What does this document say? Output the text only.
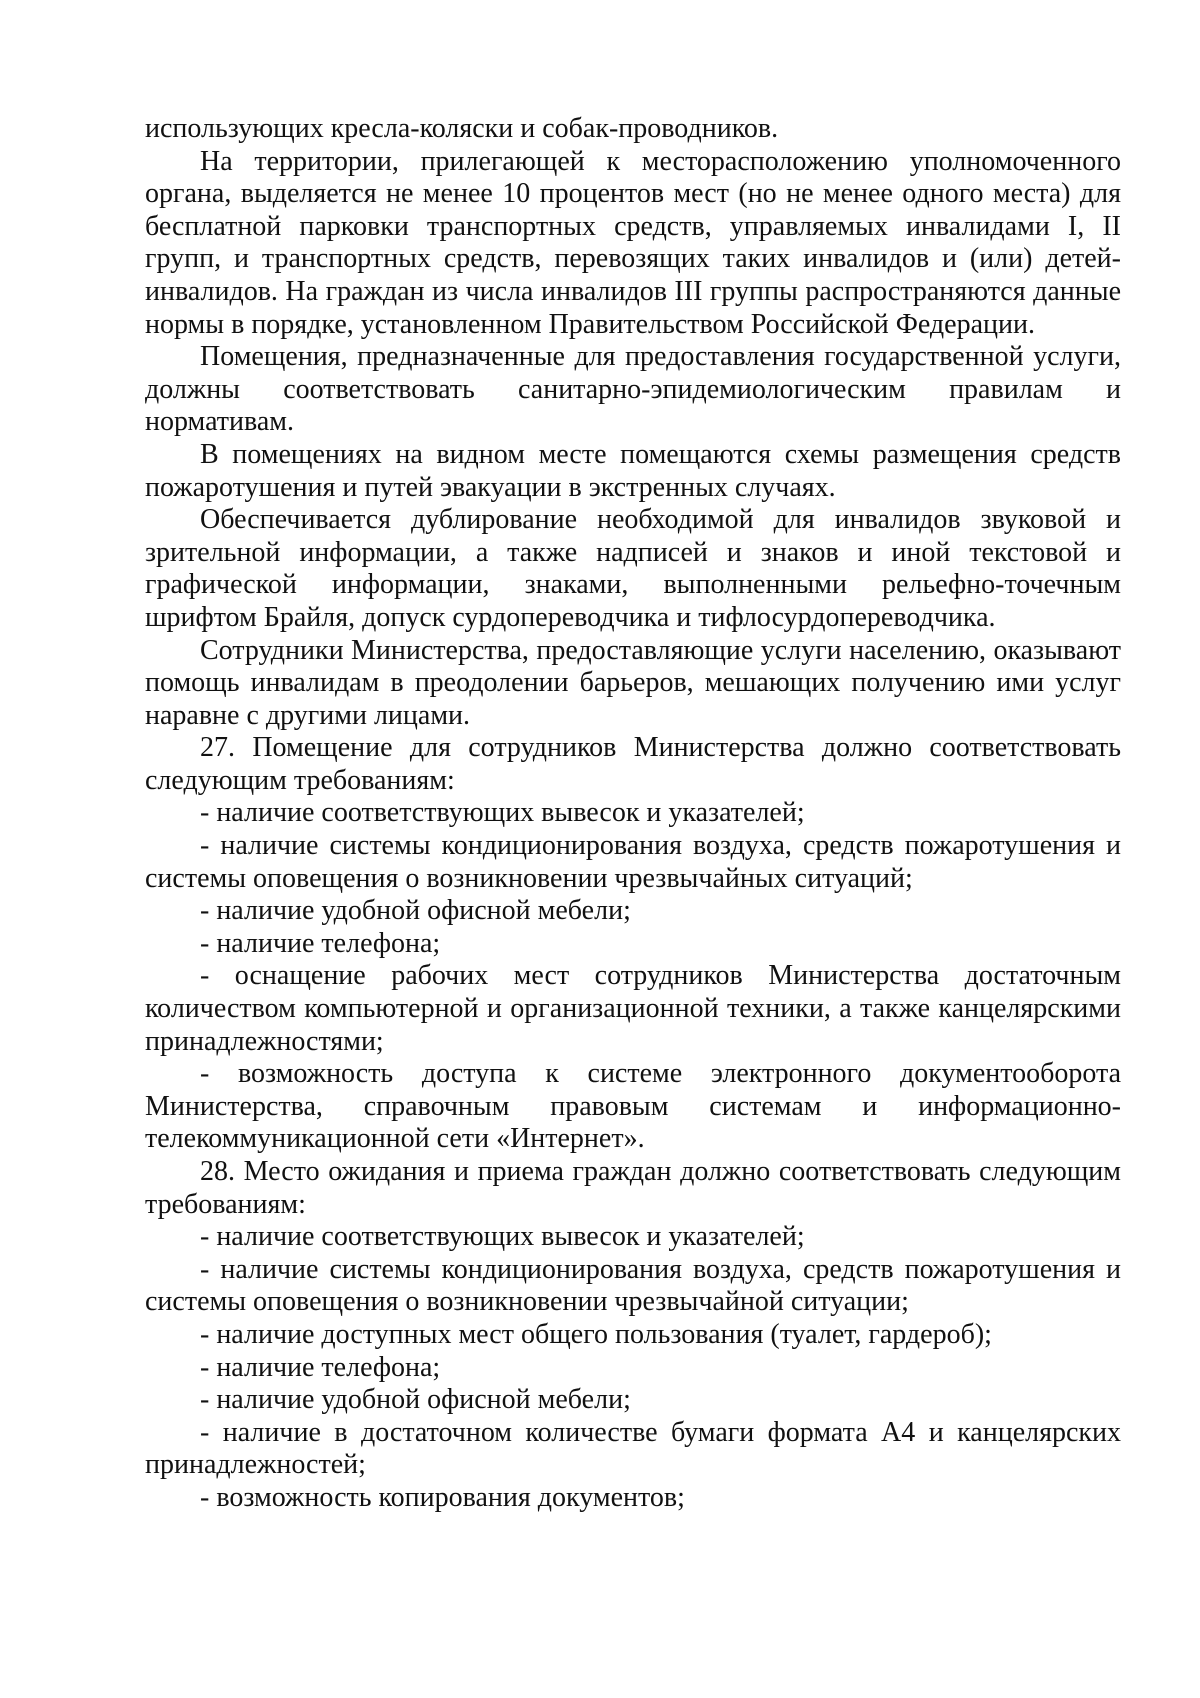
использующих кресла-коляски и собак-проводников.

На территории, прилегающей к месторасположению уполномоченного органа, выделяется не менее 10 процентов мест (но не менее одного места) для бесплатной парковки транспортных средств, управляемых инвалидами I, II групп, и транспортных средств, перевозящих таких инвалидов и (или) детей-инвалидов. На граждан из числа инвалидов III группы распространяются данные нормы в порядке, установленном Правительством Российской Федерации.

Помещения, предназначенные для предоставления государственной услуги, должны соответствовать санитарно-эпидемиологическим правилам и нормативам.

В помещениях на видном месте помещаются схемы размещения средств пожаротушения и путей эвакуации в экстренных случаях.

Обеспечивается дублирование необходимой для инвалидов звуковой и зрительной информации, а также надписей и знаков и иной текстовой и графической информации, знаками, выполненными рельефно-точечным шрифтом Брайля, допуск сурдопереводчика и тифлосурдопереводчика.

Сотрудники Министерства, предоставляющие услуги населению, оказывают помощь инвалидам в преодолении барьеров, мешающих получению ими услуг наравне с другими лицами.

27. Помещение для сотрудников Министерства должно соответствовать следующим требованиям:

- наличие соответствующих вывесок и указателей;

- наличие системы кондиционирования воздуха, средств пожаротушения и системы оповещения о возникновении чрезвычайных ситуаций;

- наличие удобной офисной мебели;

- наличие телефона;

- оснащение рабочих мест сотрудников Министерства достаточным количеством компьютерной и организационной техники, а также канцелярскими принадлежностями;

- возможность доступа к системе электронного документооборота Министерства, справочным правовым системам и информационно-телекоммуникационной сети «Интернет».

28. Место ожидания и приема граждан должно соответствовать следующим требованиям:

- наличие соответствующих вывесок и указателей;

- наличие системы кондиционирования воздуха, средств пожаротушения и системы оповещения о возникновении чрезвычайной ситуации;

- наличие доступных мест общего пользования (туалет, гардероб);

- наличие телефона;

- наличие удобной офисной мебели;

- наличие в достаточном количестве бумаги формата А4 и канцелярских принадлежностей;

- возможность копирования документов;
